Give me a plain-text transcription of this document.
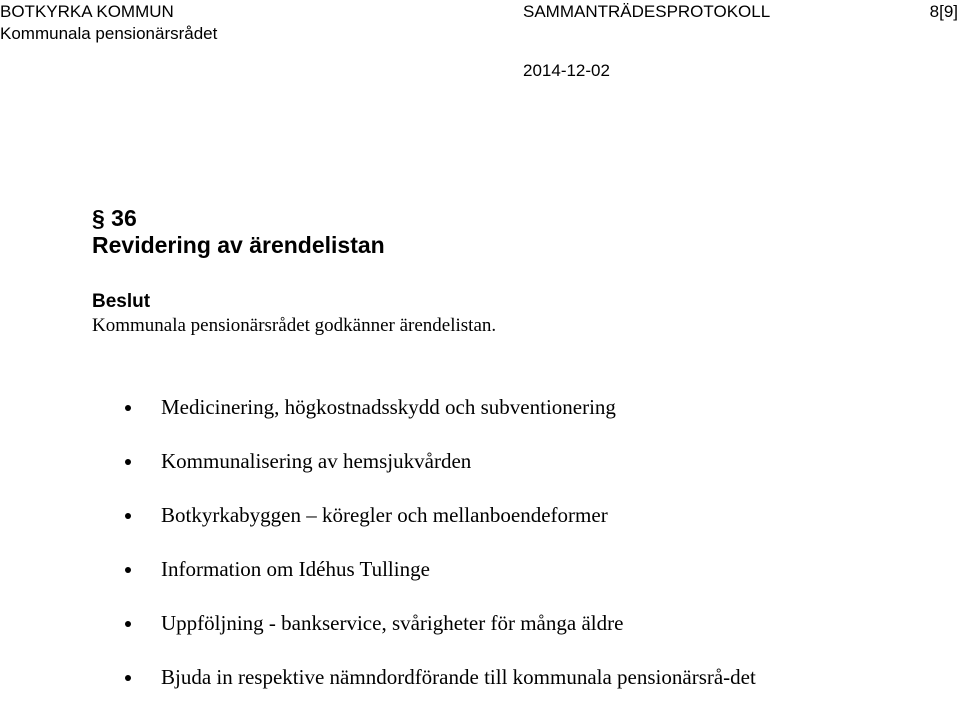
BOTKYRKA KOMMUN	SAMMANTRÄDESPROTOKOLL	8[9]
Kommunala pensionärsrådet
2014-12-02
§ 36
Revidering av ärendelistan
Beslut
Kommunala pensionärsrådet godkänner ärendelistan.
Medicinering, högkostnadsskydd och subventionering
Kommunalisering av hemsjukvården
Botkyrkabyggen – köregler och mellanboendeformer
Information om Idéhus Tullinge
Uppföljning - bankservice, svårigheter för många äldre
Bjuda in respektive nämndordförande till kommunala pensionärsrå-det
